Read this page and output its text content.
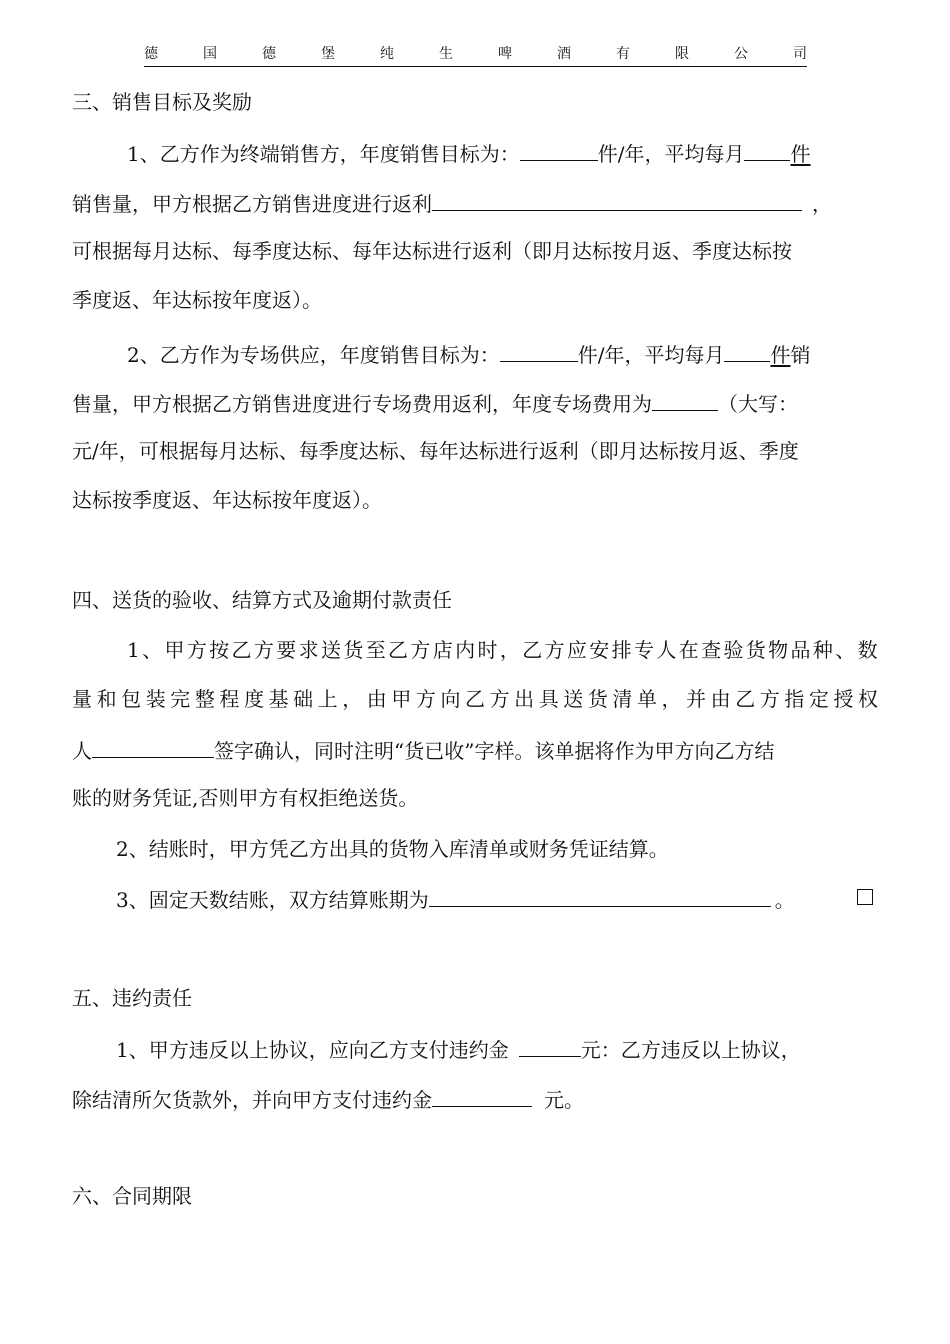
德	国	德	堡	纯	生	啤	酒	有	限	公	司
三、销售目标及奖励
1、乙方作为终端销售方，年度销售目标为：	件/年，平均每月 件
销售量，甲方根据乙方销售进度进行返利	，
可根据每月达标、每季度达标、每年达标进行返利（即月达标按月返、季度达标按
季度返、年达标按年度返）。
2、乙方作为专场供应，年度销售目标为：	件/年，平均每月 件销
售量，甲方根据乙方销售进度进行专场费用返利，年度专场费用为	（大写：
元/年，可根据每月达标、每季度达标、每年达标进行返利（即月达标按月返、季度
达标按季度返、年达标按年度返）。
四、送货的验收、结算方式及逾期付款责任
1 、 甲 方 按 乙 方 要 求 送 货 至 乙 方 店 内 时 ， 乙 方 应 安 排 专 人 在 查 验 货 物 品 种 、 数
量 和 包 装 完 整 程 度 基 础 上 ， 由 甲 方 向 乙 方 出 具 送 货 清 单 ， 并 由 乙 方 指 定 授 权
人	签字确认，同时注明“货已收”字样。该单据将作为甲方向乙方结
账的财务凭证,否则甲方有权拒绝送货。
2、结账时，甲方凭乙方出具的货物入库清单或财务凭证结算。
3、固定天数结账，双方结算账期为	。
五、违约责任
1、甲方违反以上协议，应向乙方支付违约金	元：乙方违反以上协议，
除结清所欠货款外，并向甲方支付违约金	元。
六、合同期限
